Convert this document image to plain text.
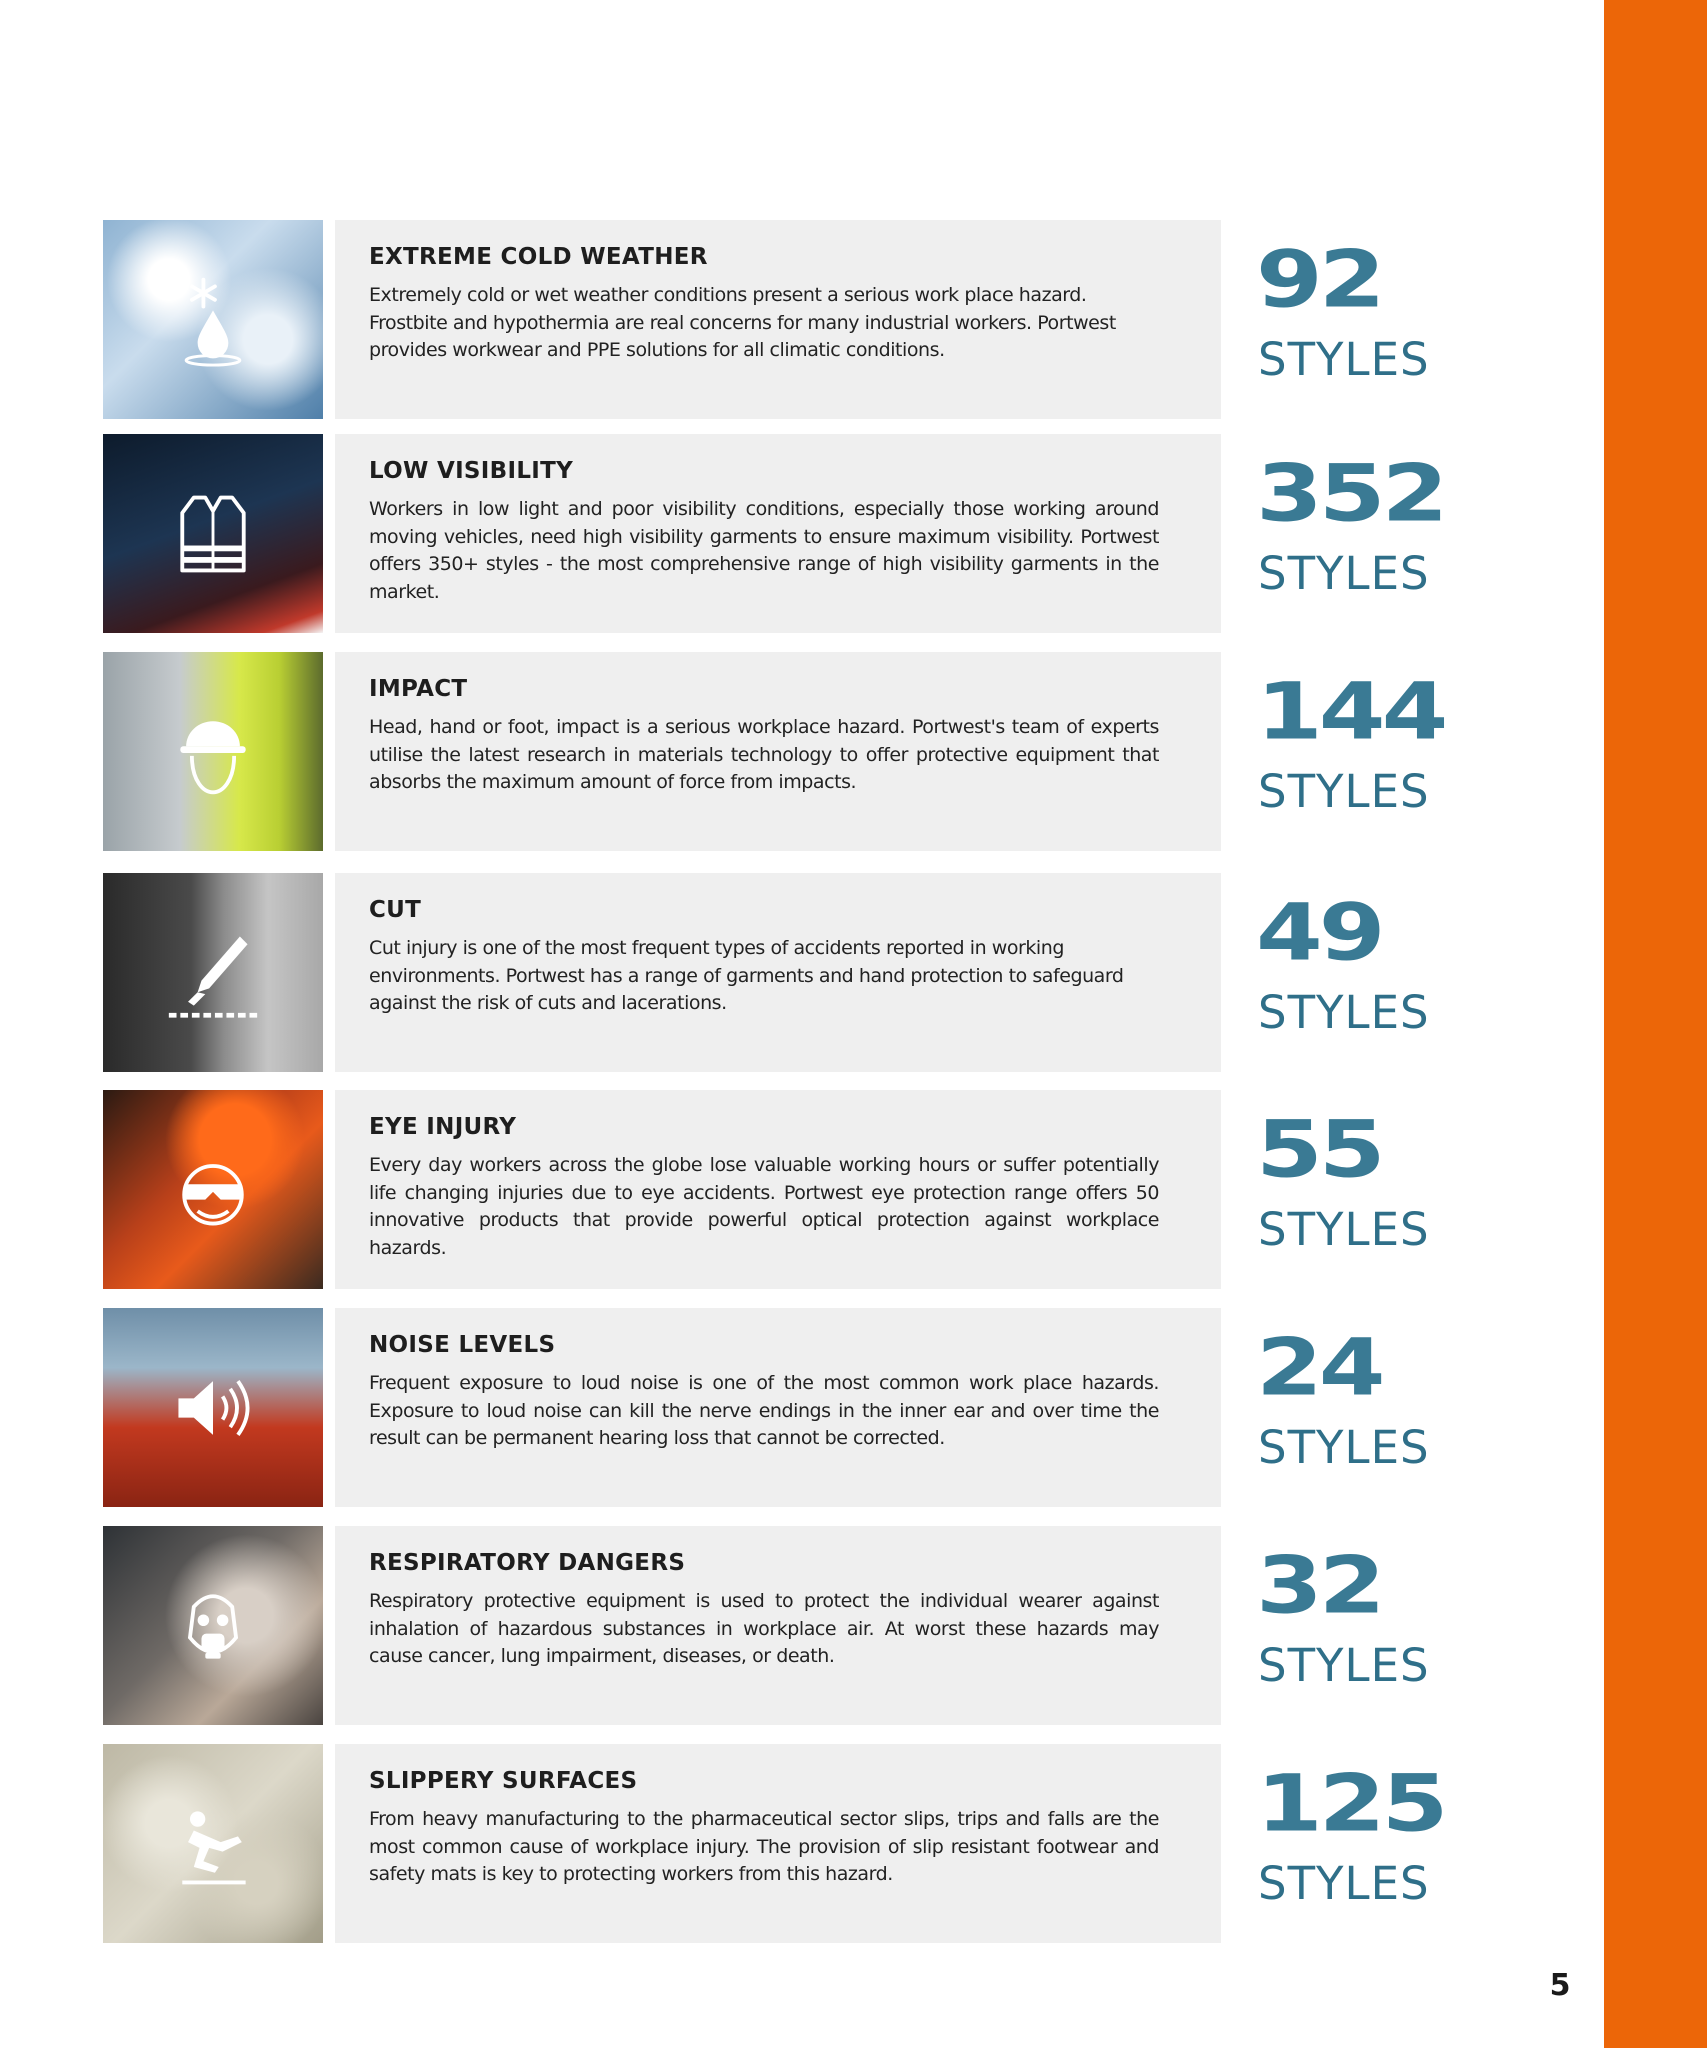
EXTREME COLD WEATHER
Extremely cold or wet weather conditions present a serious work place hazard. Frostbite and hypothermia are real concerns for many industrial workers. Portwest provides workwear and PPE solutions for all climatic conditions.
92
STYLES
LOW VISIBILITY
Workers in low light and poor visibility conditions, especially those working around moving vehicles, need high visibility garments to ensure maximum visibility. Portwest offers 350+ styles - the most comprehensive range of high visibility garments in the market.
352
STYLES
IMPACT
Head, hand or foot, impact is a serious workplace hazard. Portwest's team of experts utilise the latest research in materials technology to offer protective equipment that absorbs the maximum amount of force from impacts.
144
STYLES
CUT
Cut injury is one of the most frequent types of accidents reported in working environments. Portwest has a range of garments and hand protection to safeguard against the risk of cuts and lacerations.
49
STYLES
EYE INJURY
Every day workers across the globe lose valuable working hours or suffer potentially life changing injuries due to eye accidents. Portwest eye protection range offers 50 innovative products that provide powerful optical protection against workplace hazards.
55
STYLES
NOISE LEVELS
Frequent exposure to loud noise is one of the most common work place hazards. Exposure to loud noise can kill the nerve endings in the inner ear and over time the result can be permanent hearing loss that cannot be corrected.
24
STYLES
RESPIRATORY DANGERS
Respiratory protective equipment is used to protect the individual wearer against inhalation of hazardous substances in workplace air. At worst these hazards may cause cancer, lung impairment, diseases, or death.
32
STYLES
SLIPPERY SURFACES
From heavy manufacturing to the pharmaceutical sector slips, trips and falls are the most common cause of workplace injury. The provision of slip resistant footwear and safety mats is key to protecting workers from this hazard.
125
STYLES
5
